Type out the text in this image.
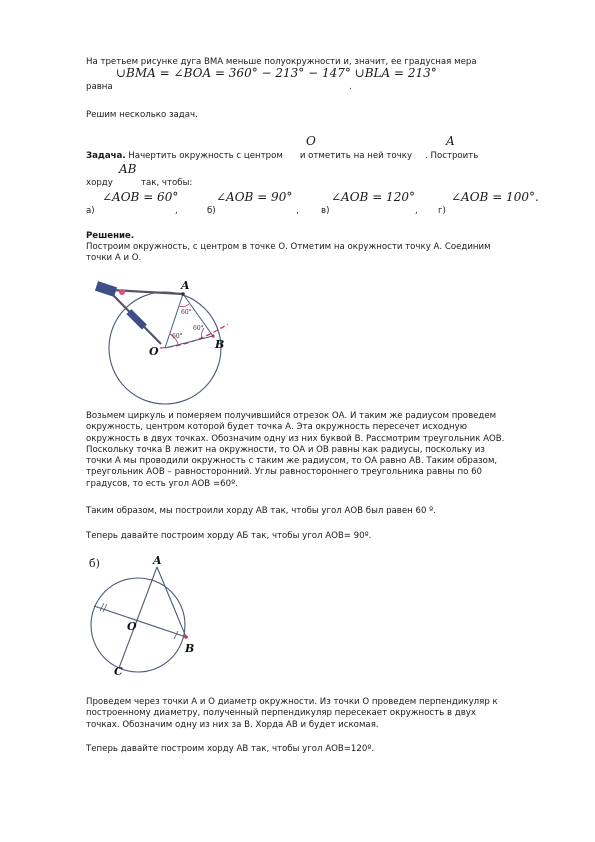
На третьем рисунке дуга ВМА меньше полуокружности и, значит, ее градусная мера
∪BMA = ∠BOA = 360° − 213° − 147° ∪BLA = 213°
равна	.
Решим несколько задач.
O	A
Задача. Начертить окружность с центром и отметить на ней точку . Построить
AB
хорду	так, чтобы:
∠AOB = 60°	∠AOB = 90°	∠AOB = 120°	∠AOB = 100°.
а)	,	б)	,	в)	, г)
Решение.
Построим окружность, с центром в точке О. Отметим на окружности точку А. Соединим
точки А и О.
A
O
B
60°
60°
60°
Возьмем циркуль и померяем получившийся отрезок ОА. И таким же радиусом проведем
окружность, центром которой будет точка А. Эта окружность пересечет исходную
окружность в двух точках. Обозначим одну из них буквой В. Рассмотрим треугольник АОВ.
Поскольку точка В лежит на окружности, то ОА и ОВ равны как радиусы, поскольку из
точки А мы проводили окружность с таким же радиусом, то ОА равно АВ. Таким образом,
треугольник АОВ – равносторонний. Углы равностороннего треугольника равны по 60
градусов, то есть угол АОВ =60º.
Таким образом, мы построили хорду АВ так, чтобы угол АОВ был равен 60 º.
Теперь давайте построим хорду АБ так, чтобы угол АОВ= 90º.
б)	A
O
B
C
Проведем через точки А и О диаметр окружности. Из точки О проведем перпендикуляр к
построенному диаметру, полученный перпендикуляр пересекает окружность в двух
точках. Обозначим одну из них за В. Хорда АВ и будет искомая.
Теперь давайте построим хорду АВ так, чтобы угол АОВ=120º.
